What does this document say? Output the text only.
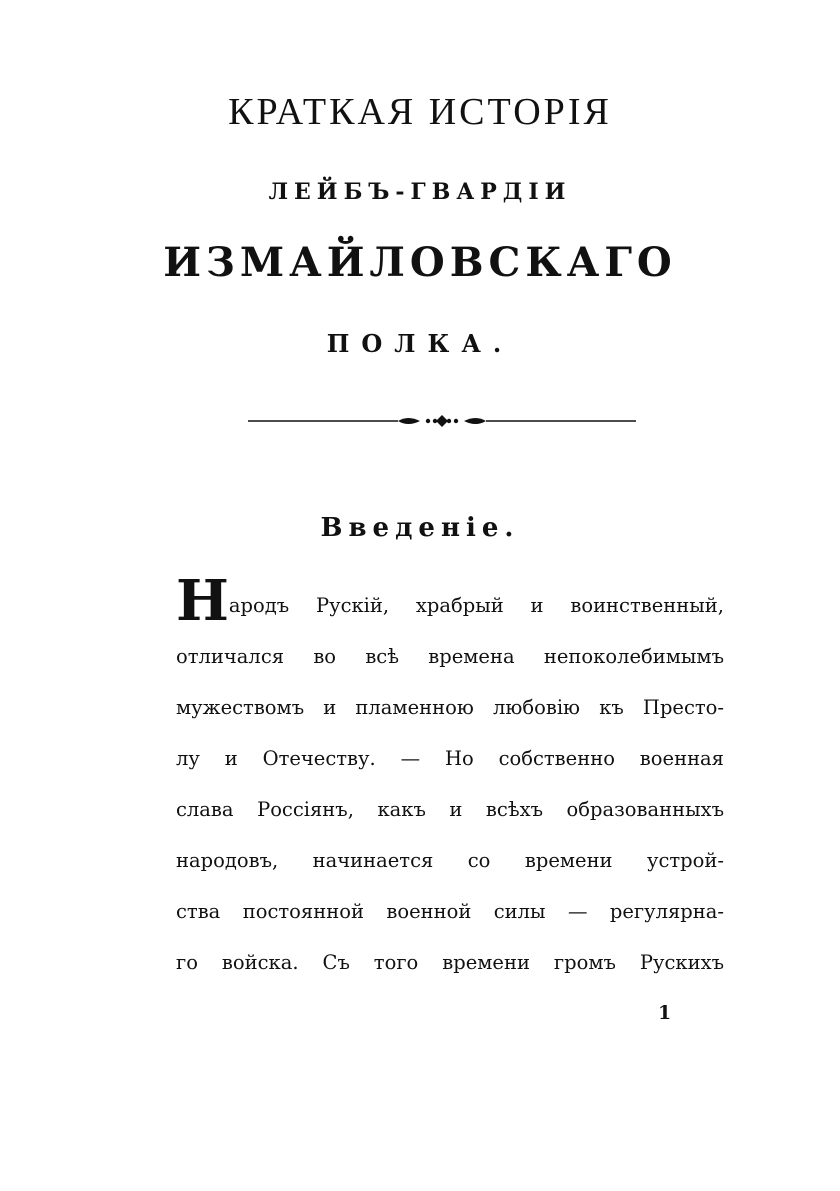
КРАТКАЯ ИСТОРІЯ
ЛЕЙБЪ-ГВАРДІИ
ИЗМАЙЛОВСКАГО
ПОЛКА.
Введеніе.
Народъ Рускій, храбрый и воинственный,
отличался во всѣ времена непоколебимымъ
мужествомъ и пламенною любовію къ Престо-
лу и Отечеству. — Но собственно военная
слава Россіянъ, какъ и всѣхъ образованныхъ
народовъ, начинается со времени устрой-
ства постоянной военной силы — регулярна-
го войска. Съ того времени громъ Рускихъ
1
